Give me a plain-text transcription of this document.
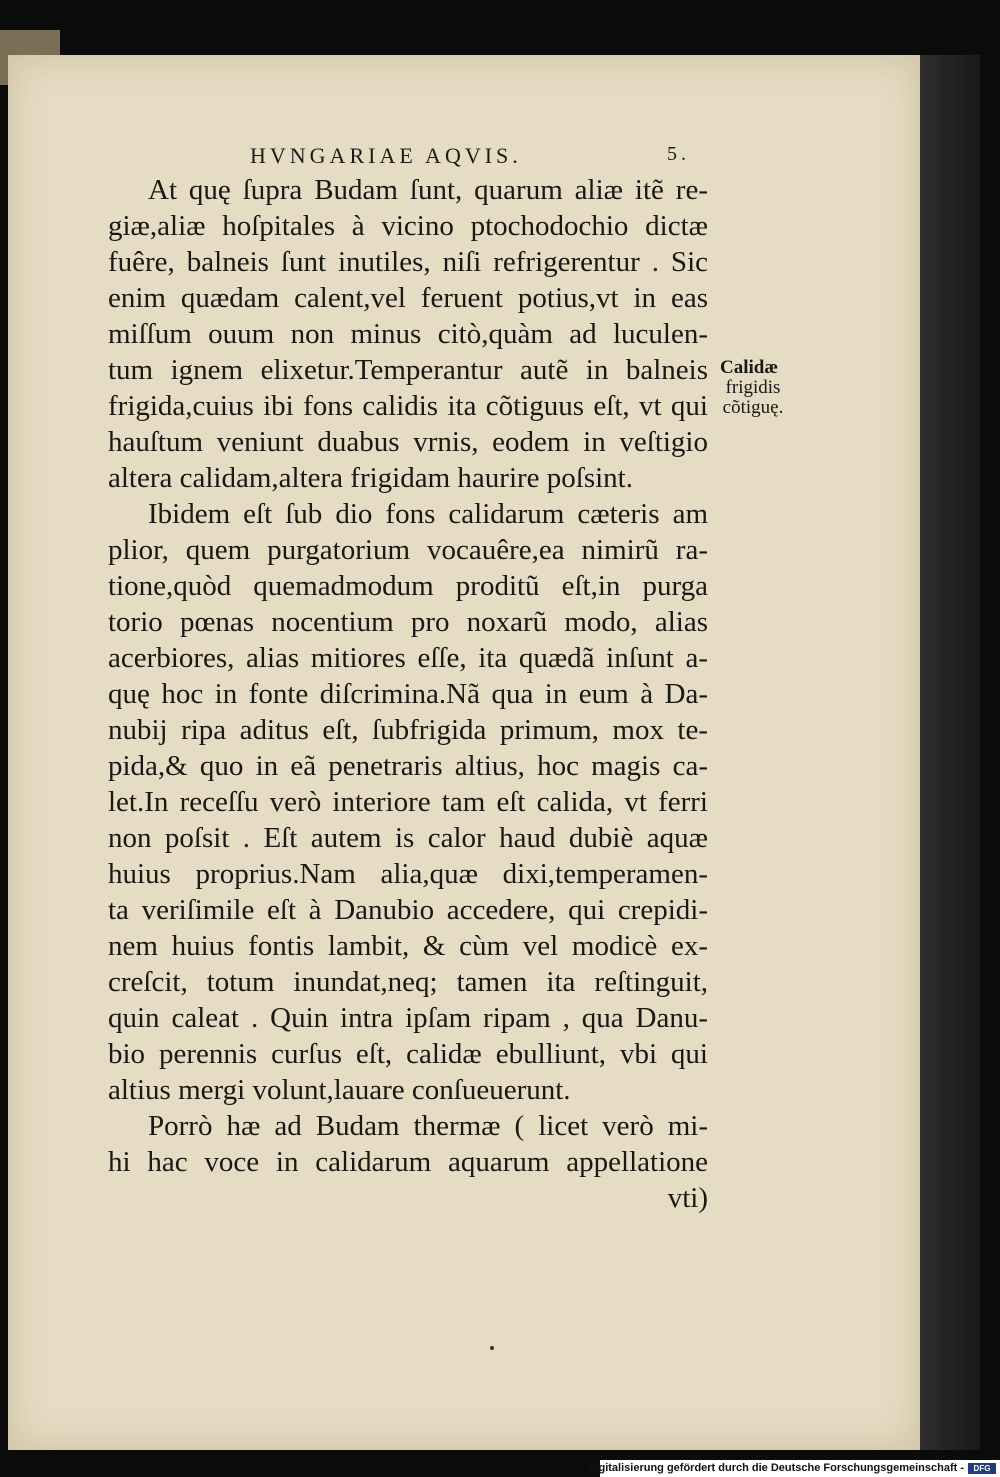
HVNGARIAE AQVIS.	5.
At quę ſupra Budam ſunt, quarum aliæ itẽ re-
giæ,aliæ hoſpitales à vicino ptochodochio dictæ
fuêre, balneis ſunt inutiles, niſi refrigerentur . Sic
enim quædam calent,vel feruent potius,vt in eas
miſſum ouum non minus citò,quàm ad luculen-
tum ignem elixetur.Temperantur autẽ in balneis
frigida,cuius ibi fons calidis ita cõtiguus eſt, vt qui
hauſtum veniunt duabus vrnis, eodem in veſtigio
altera calidam,altera frigidam haurire poſsint.
Ibidem eſt ſub dio fons calidarum cæteris am
plior, quem purgatorium vocauêre,ea nimirũ ra-
tione,quòd quemadmodum proditũ eſt,in purga
torio pœnas nocentium pro noxarũ modo, alias
acerbiores, alias mitiores eſſe, ita quædã inſunt a-
quę hoc in fonte diſcrimina.Nã qua in eum à Da-
nubij ripa aditus eſt, ſubfrigida primum, mox te-
pida,& quo in eã penetraris altius, hoc magis ca-
let.In receſſu verò interiore tam eſt calida, vt ferri
non poſsit . Eſt autem is calor haud dubiè aquæ
huius proprius.Nam alia,quæ dixi,temperamen-
ta veriſimile eſt à Danubio accedere, qui crepidi-
nem huius fontis lambit, & cùm vel modicè ex-
creſcit, totum inundat,neq; tamen ita reſtinguit,
quin caleat . Quin intra ipſam ripam , qua Danu-
bio perennis curſus eſt, calidæ ebulliunt, vbi qui
altius mergi volunt,lauare conſueuerunt.
Porrò hæ ad Budam thermæ ( licet verò mi-
hi hac voce in calidarum aquarum appellatione
vti)
Calidæ
frigidis
cõtiguę.
Digitalisierung gefördert durch die Deutsche Forschungsgemeinschaft -	DFG
